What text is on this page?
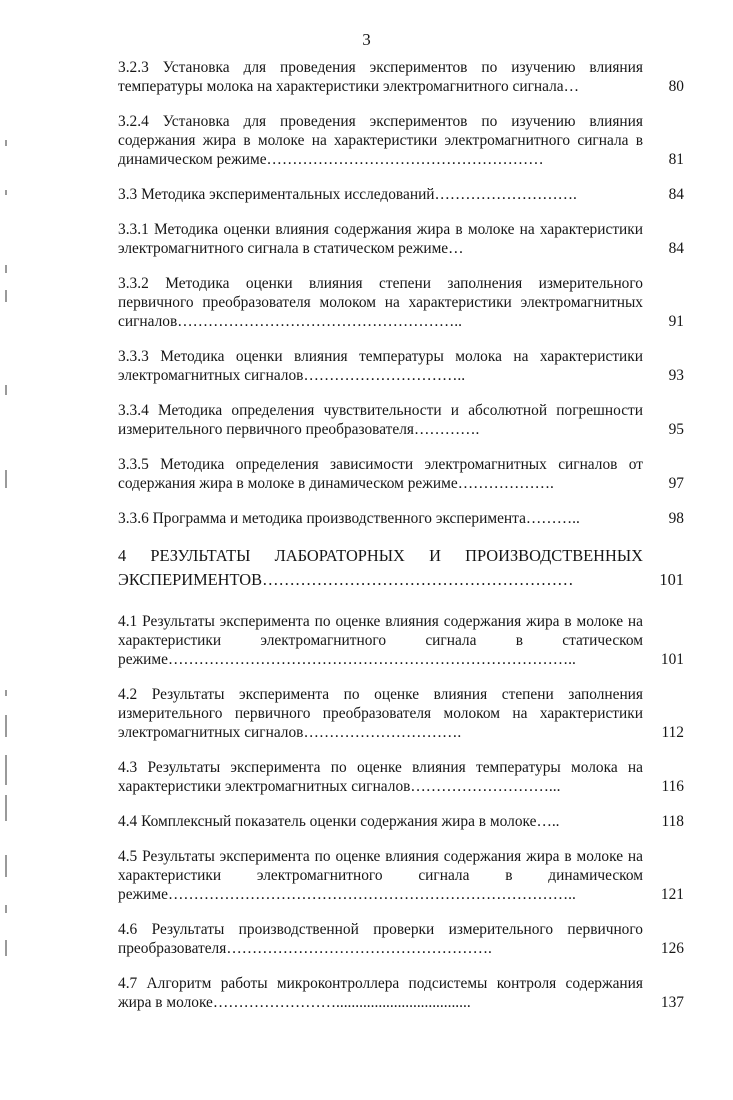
3
3.2.3 Установка для проведения экспериментов по изучению влияния температуры молока на характеристики электромагнитного сигнала…	80
3.2.4 Установка для проведения экспериментов по изучению влияния содержания жира в молоке на характеристики электромагнитного сигнала в динамическом режиме………………………………………………	81
3.3 Методика экспериментальных исследований……………………….	84
3.3.1 Методика оценки влияния содержания жира в молоке на характеристики электромагнитного сигнала в статическом режиме…	84
3.3.2 Методика оценки влияния степени заполнения измерительного первичного преобразователя молоком на характеристики электромагнитных сигналов………………………………………………..	91
3.3.3 Методика оценки влияния температуры молока на характеристики электромагнитных сигналов…………………………..	93
3.3.4 Методика определения чувствительности и абсолютной погрешности измерительного первичного преобразователя………….	95
3.3.5 Методика определения зависимости электромагнитных сигналов от содержания жира в молоке в динамическом режиме……………….	97
3.3.6 Программа и методика производственного эксперимента………..	98
4 РЕЗУЛЬТАТЫ ЛАБОРАТОРНЫХ И ПРОИЗВОДСТВЕННЫХ ЭКСПЕРИМЕНТОВ…………………………………………………	101
4.1 Результаты эксперимента по оценке влияния содержания жира в молоке на характеристики электромагнитного сигнала в статическом режиме……………………………………………………………………..	101
4.2 Результаты эксперимента по оценке влияния степени заполнения измерительного первичного преобразователя молоком на характеристики электромагнитных сигналов………………………….	112
4.3 Результаты эксперимента по оценке влияния температуры молока на характеристики электромагнитных сигналов………………………...	116
4.4 Комплексный показатель оценки содержания жира в молоке…..	118
4.5 Результаты эксперимента по оценке влияния содержания жира в молоке на характеристики электромагнитного сигнала в динамическом режиме……………………………………………………………………..	121
4.6 Результаты производственной проверки измерительного первичного преобразователя…………………………………………….	126
4.7 Алгоритм работы микроконтроллера подсистемы контроля содержания жира в молоке……………………...................................	137
